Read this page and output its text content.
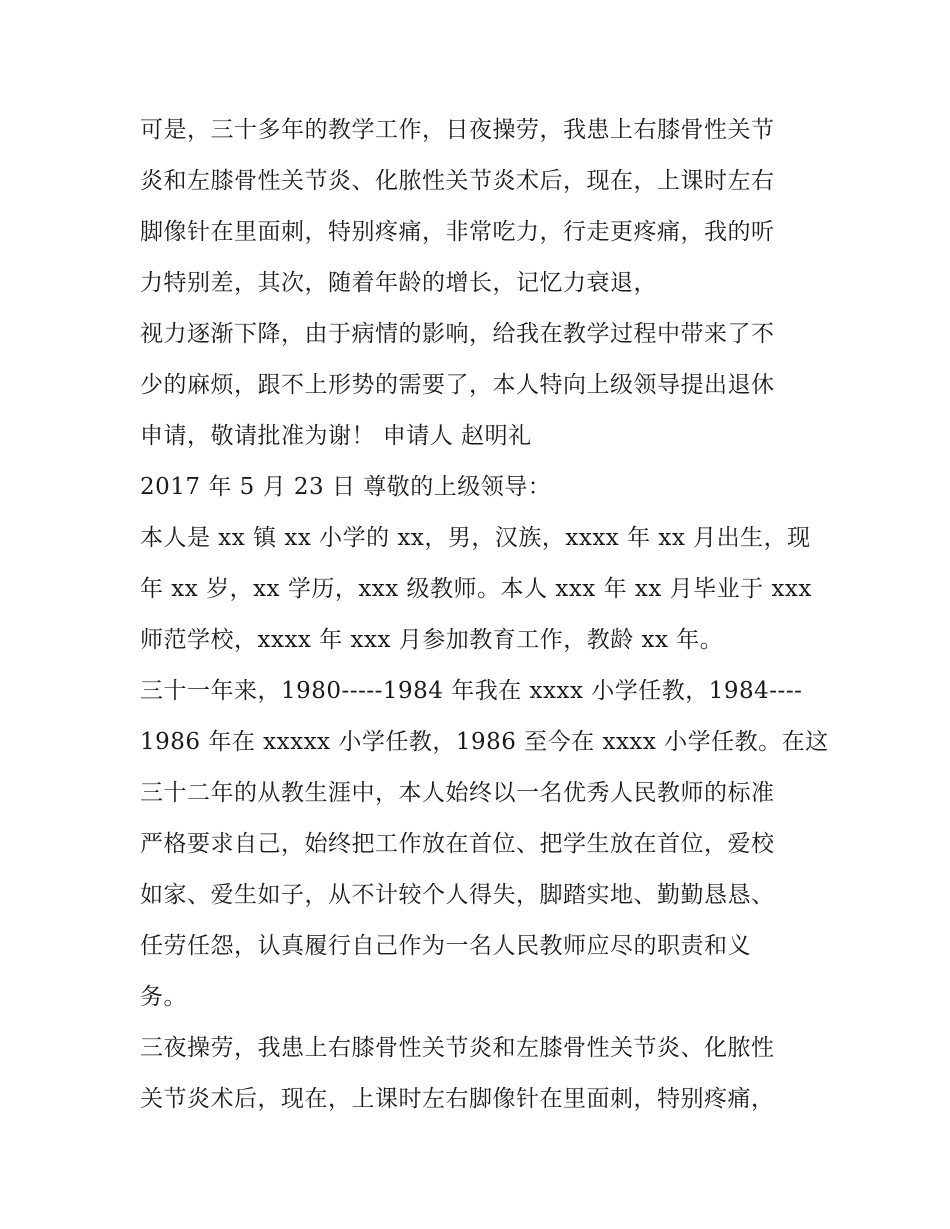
可是，三十多年的教学工作，日夜操劳，我患上右膝骨性关节
炎和左膝骨性关节炎、化脓性关节炎术后，现在，上课时左右
脚像针在里面刺，特别疼痛，非常吃力，行走更疼痛，我的听
力特别差，其次，随着年龄的增长，记忆力衰退，
视力逐渐下降，由于病情的影响，给我在教学过程中带来了不
少的麻烦，跟不上形势的需要了，本人特向上级领导提出退休
申请，敬请批准为谢！ 申请人 赵明礼
2017 年 5 月 23 日 尊敬的上级领导：
本人是 xx 镇 xx 小学的 xx，男，汉族，xxxx 年 xx 月出生，现
年 xx 岁，xx 学历，xxx 级教师。本人 xxx 年 xx 月毕业于 xxx
师范学校，xxxx 年 xxx 月参加教育工作，教龄 xx 年。
三十一年来，1980-----1984 年我在 xxxx 小学任教，1984----
1986 年在 xxxxx 小学任教，1986 至今在 xxxx 小学任教。在这
三十二年的从教生涯中，本人始终以一名优秀人民教师的标准
严格要求自己，始终把工作放在首位、把学生放在首位，爱校
如家、爱生如子，从不计较个人得失，脚踏实地、勤勤恳恳、
任劳任怨，认真履行自己作为一名人民教师应尽的职责和义
务。
三夜操劳，我患上右膝骨性关节炎和左膝骨性关节炎、化脓性
关节炎术后，现在，上课时左右脚像针在里面刺，特别疼痛，
